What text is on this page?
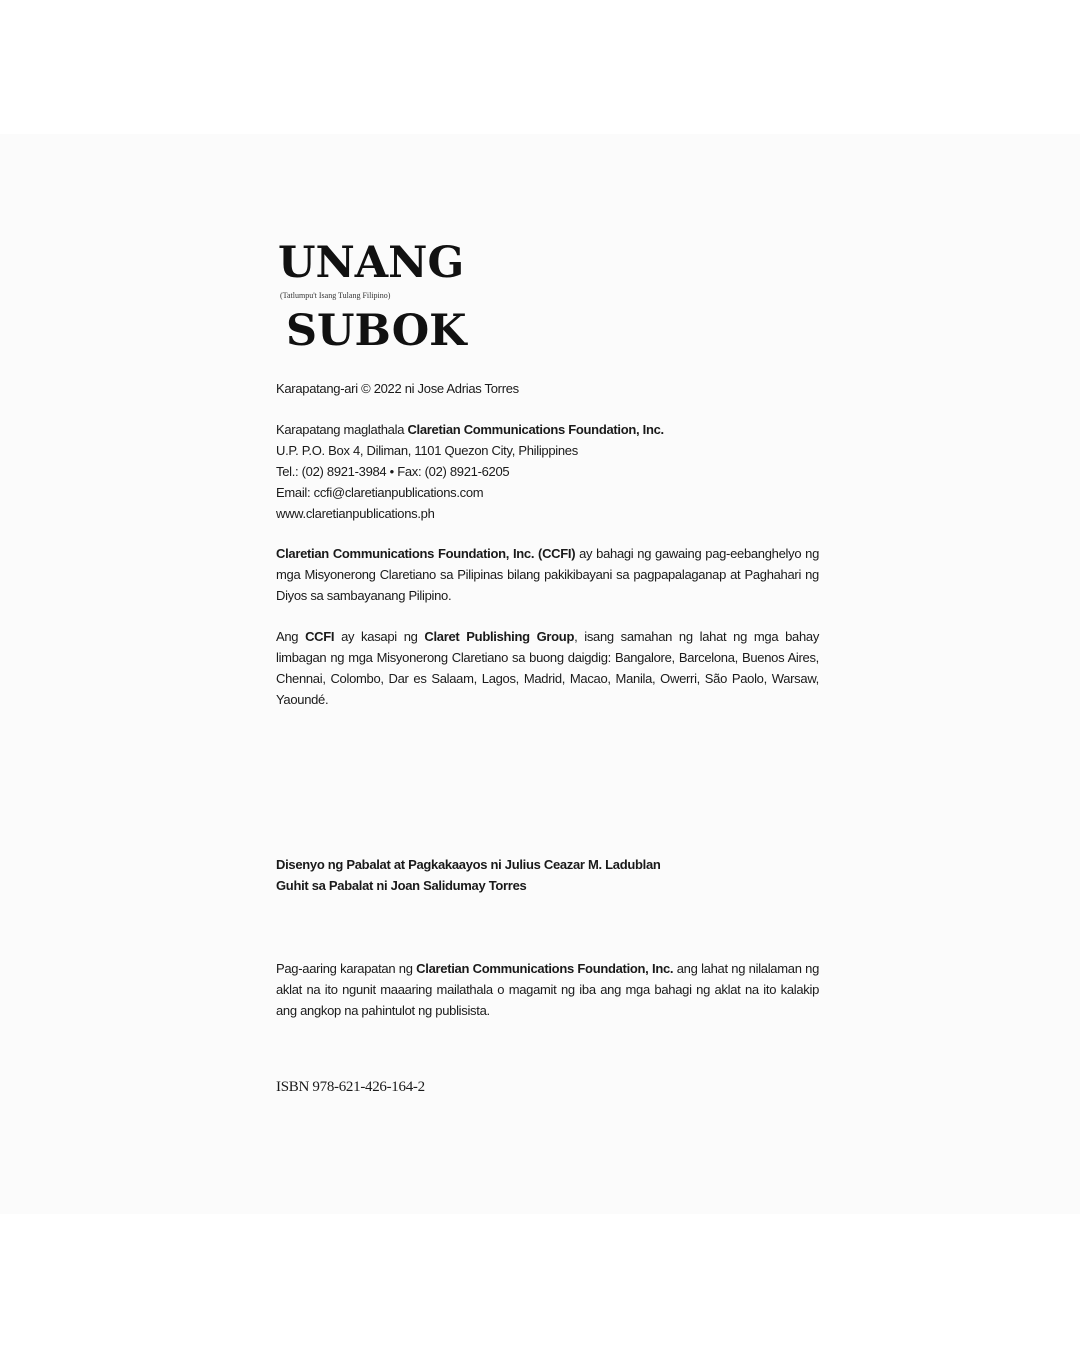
UNANG
(Tatlumpu't Isang Tulang Filipino)
SUBOK

Karapatang-ari © 2022 ni Jose Adrias Torres

Karapatang maglathala Claretian Communications Foundation, Inc.

U.P. P.O. Box 4, Diliman, 1101 Quezon City, Philippines

Tel.: (02) 8921-3984 • Fax: (02) 8921-6205

Email: ccfi@claretianpublications.com

www.claretianpublications.ph

Claretian Communications Foundation, Inc. (CCFI) ay bahagi ng gawaing pag-eebanghelyo ng mga Misyonerong Claretiano sa Pilipinas bilang pakikibayani sa pagpapalaganap at Paghahari ng Diyos sa sambayanang Pilipino.

Ang CCFI ay kasapi ng Claret Publishing Group, isang samahan ng lahat ng mga bahay limbagan ng mga Misyonerong Claretiano sa buong daigdig: Bangalore, Barcelona, Buenos Aires, Chennai, Colombo, Dar es Salaam, Lagos, Madrid, Macao, Manila, Owerri, São Paolo, Warsaw, Yaoundé.

Disenyo ng Pabalat at Pagkakaayos ni Julius Ceazar M. Ladublan

Guhit sa Pabalat ni Joan Salidumay Torres

Pag-aaring karapatan ng Claretian Communications Foundation, Inc. ang lahat ng nilalaman ng aklat na ito ngunit maaaring mailathala o magamit ng iba ang mga bahagi ng aklat na ito kalakip ang angkop na pahintulot ng publisista.

ISBN 978-621-426-164-2
